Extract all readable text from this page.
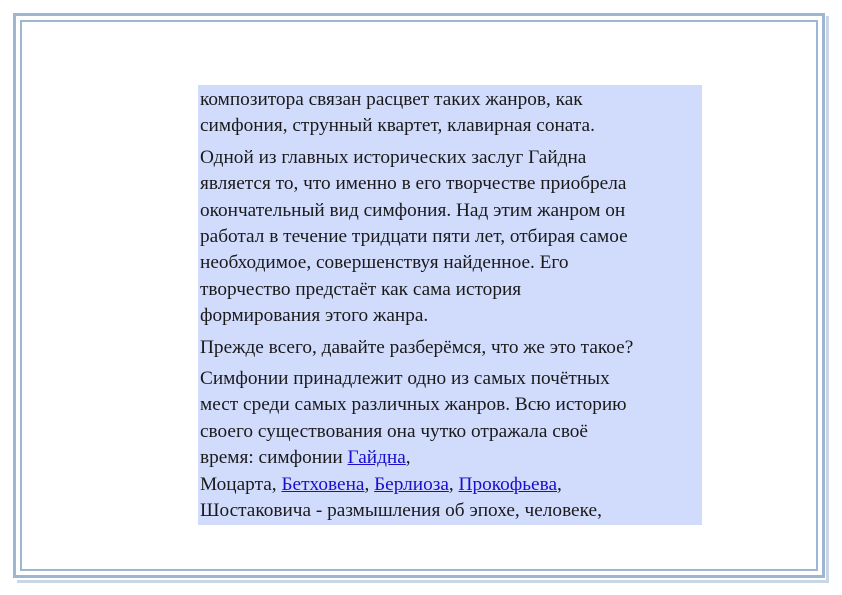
композитора связан расцвет таких жанров, как
симфония, струнный квартет, клавирная соната.

Одной из главных исторических заслуг Гайдна
является то, что именно в его творчестве приобрела
окончательный вид симфония. Над этим жанром он
работал в течение тридцати пяти лет, отбирая самое
необходимое, совершенствуя найденное. Его
творчество предстаёт как сама история
формирования этого жанра.

Прежде всего, давайте разберёмся, что же это такое?

Симфонии принадлежит одно из самых почётных
мест среди самых различных жанров. Всю историю
своего существования она чутко отражала своё
время: симфонии Гайдна,
Моцарта, Бетховена, Берлиоза, Прокофьева,
Шостаковича - размышления об эпохе, человеке,
